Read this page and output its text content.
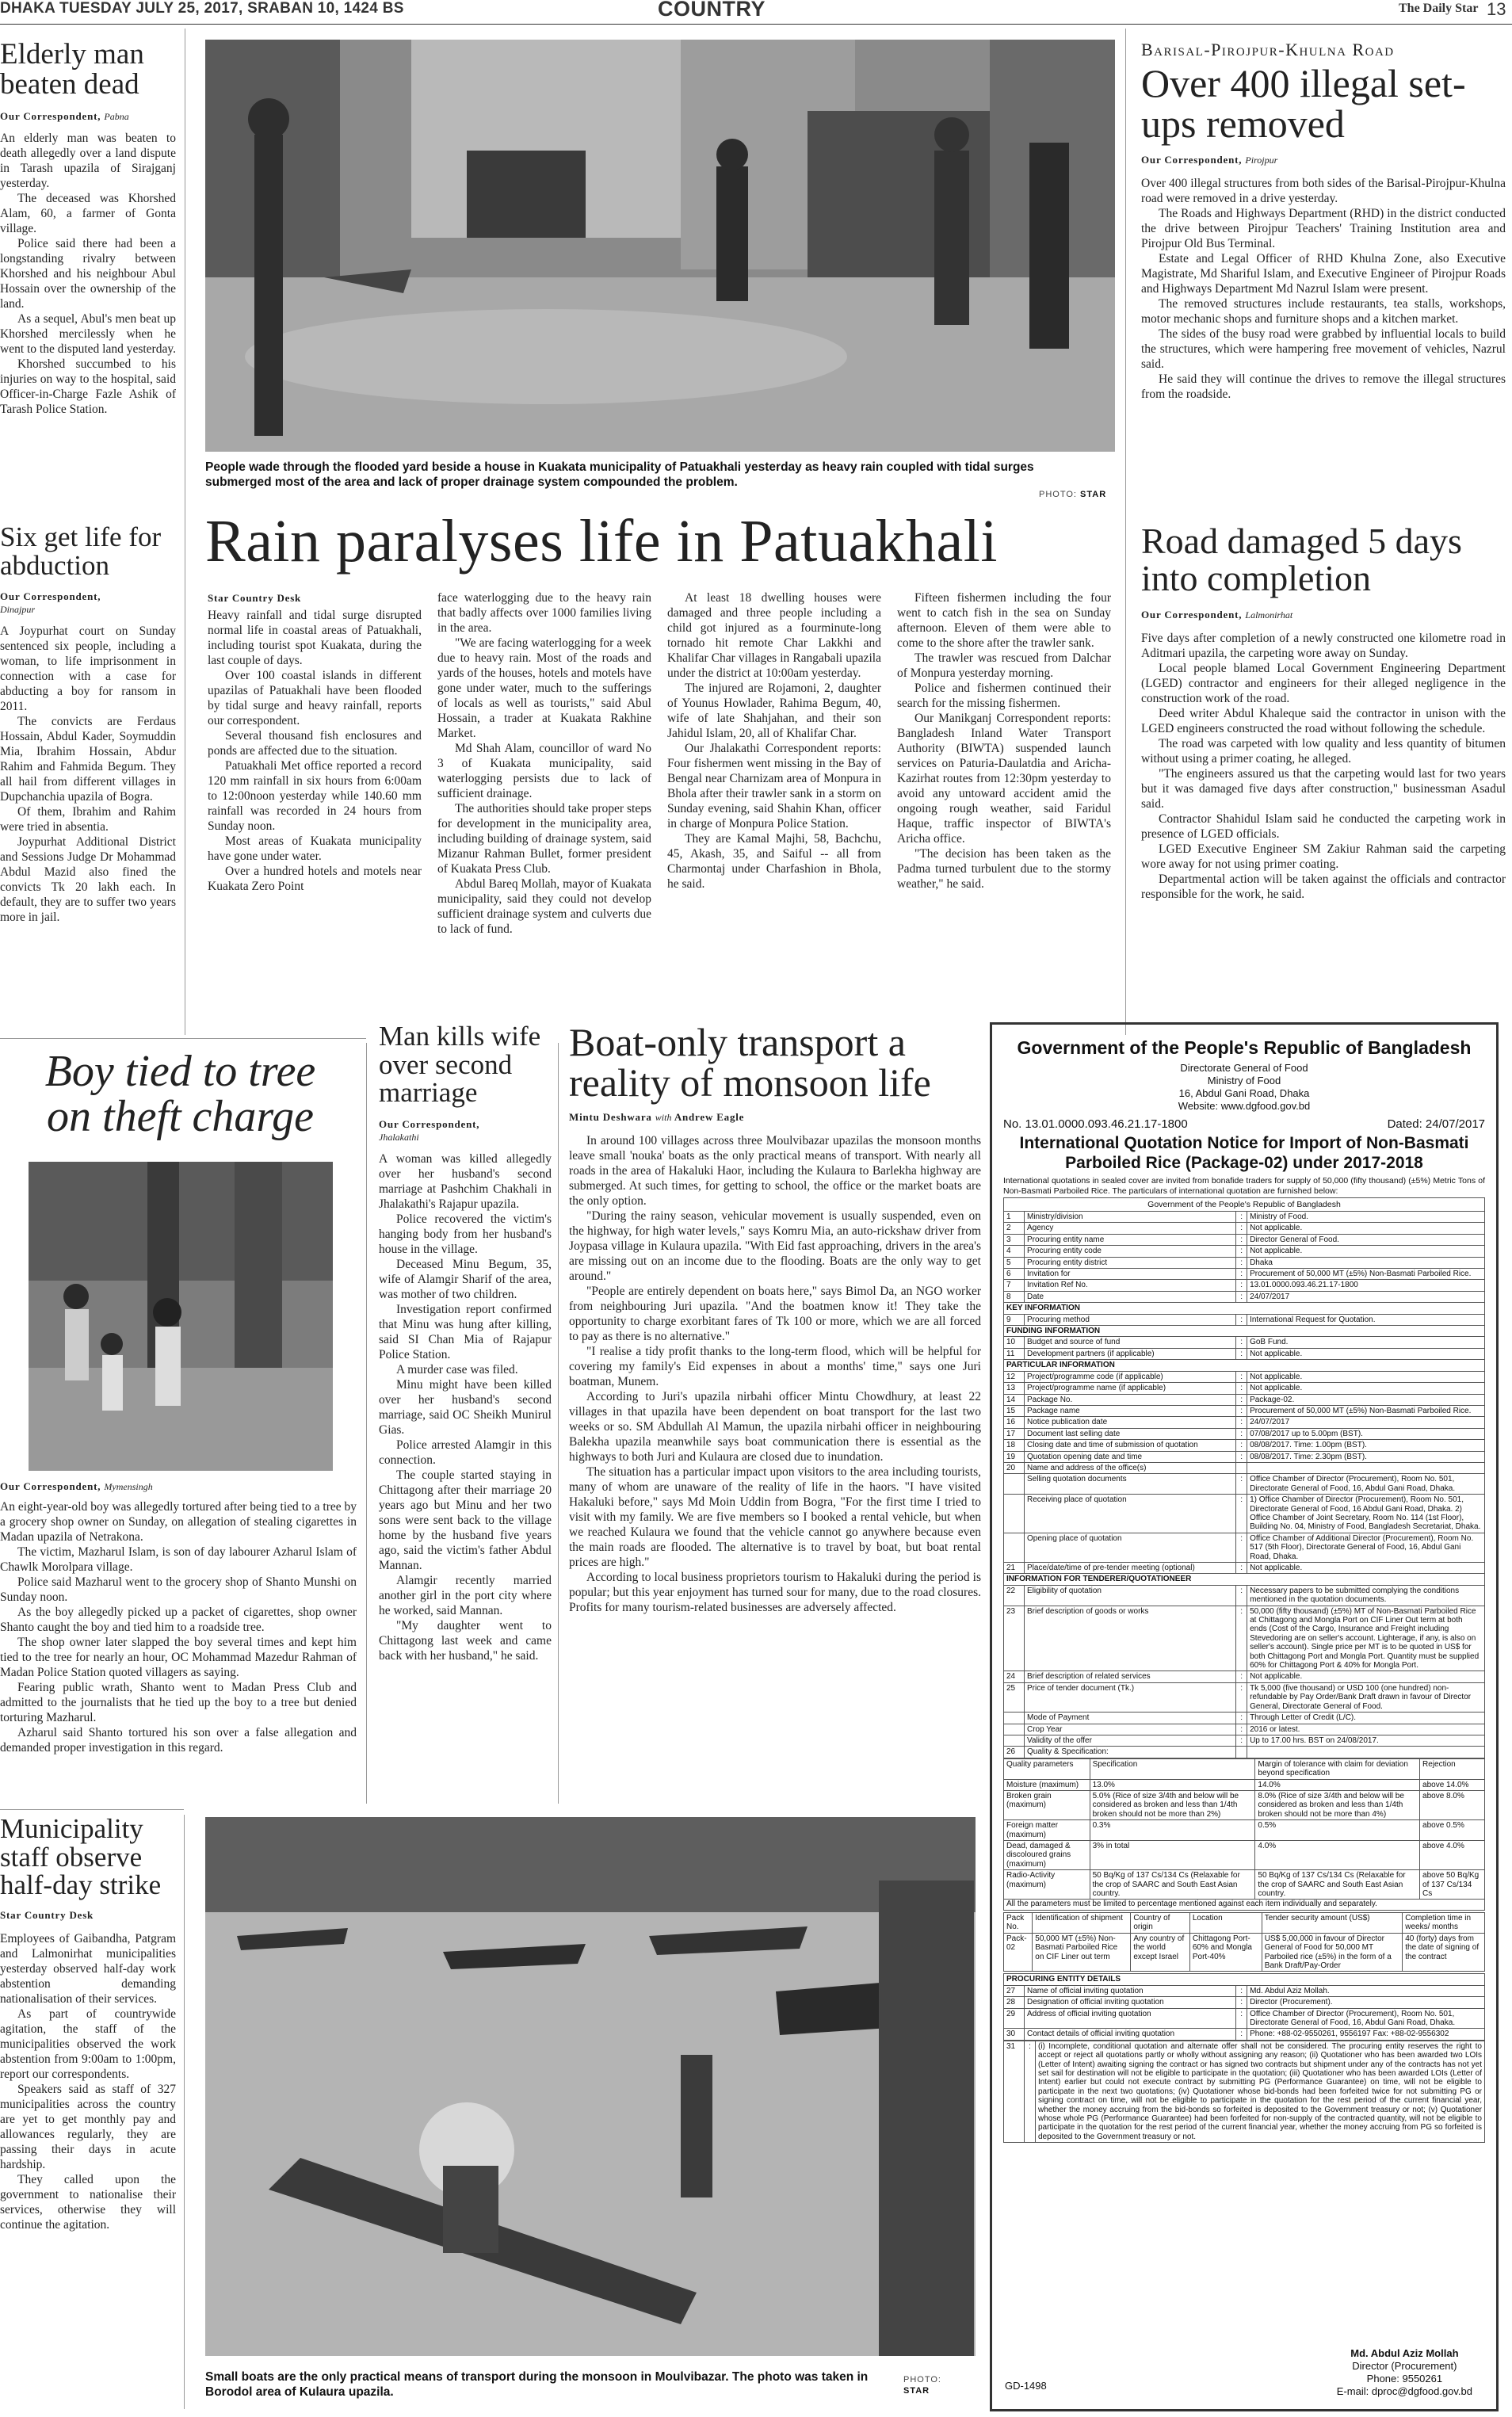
DHAKA TUESDAY JULY 25, 2017, SRABAN 10, 1424 BS	COUNTRY	The Daily Star 13
Elderly man beaten dead
Our Correspondent, Pabna

An elderly man was beaten to death allegedly over a land dispute in Tarash upazila of Sirajganj yesterday.

The deceased was Khorshed Alam, 60, a farmer of Gonta village.

Police said there had been a longstanding rivalry between Khorshed and his neighbour Abul Hossain over the ownership of the land.

As a sequel, Abul's men beat up Khorshed mercilessly when he went to the disputed land yesterday.

Khorshed succumbed to his injuries on way to the hospital, said Officer-in-Charge Fazle Ashik of Tarash Police Station.

Six get life for abduction
Our Correspondent,
Dinajpur

A Joypurhat court on Sunday sentenced six people, including a woman, to life imprisonment in connection with a case for abducting a boy for ransom in 2011.

The convicts are Ferdaus Hossain, Abdul Kader, Soymuddin Mia, Ibrahim Hossain, Abdur Rahim and Fahmida Begum. They all hail from different villages in Dupchanchia upazila of Bogra.

Of them, Ibrahim and Rahim were tried in absentia.

Joypurhat Additional District and Sessions Judge Dr Mohammad Abdul Mazid also fined the convicts Tk 20 lakh each. In default, they are to suffer two years more in jail.

People wade through the flooded yard beside a house in Kuakata municipality of Patuakhali yesterday as heavy rain coupled with tidal surges submerged most of the area and lack of proper drainage system compounded the problem.

PHOTO: STAR
Rain paralyses life in Patuakhali
Star Country Desk

Heavy rainfall and tidal surge disrupted normal life in coastal areas of Patuakhali, including tourist spot Kuakata, during the last couple of days.

Over 100 coastal islands in different upazilas of Patuakhali have been flooded by tidal surge and heavy rainfall, reports our correspondent.

Several thousand fish enclosures and ponds are affected due to the situation.

Patuakhali Met office reported a record 120 mm rainfall in six hours from 6:00am to 12:00noon yesterday while 140.60 mm rainfall was recorded in 24 hours from Sunday noon.

Most areas of Kuakata municipality have gone under water.

Over a hundred hotels and motels near Kuakata Zero Point

face waterlogging due to the heavy rain that badly affects over 1000 families living in the area.

"We are facing waterlogging for a week due to heavy rain. Most of the roads and yards of the houses, hotels and motels have gone under water, much to the sufferings of locals as well as tourists," said Abul Hossain, a trader at Kuakata Rakhine Market.

Md Shah Alam, councillor of ward No 3 of Kuakata municipality, said waterlogging persists due to lack of sufficient drainage.

The authorities should take proper steps for development in the municipality area, including building of drainage system, said Mizanur Rahman Bullet, former president of Kuakata Press Club.

Abdul Bareq Mollah, mayor of Kuakata municipality, said they could not develop sufficient drainage system and culverts due to lack of fund.

At least 18 dwelling houses were damaged and three people including a child got injured as a fourminute-long tornado hit remote Char Lakkhi and Khalifar Char villages in Rangabali upazila under the district at 10:00am yesterday.

The injured are Rojamoni, 2, daughter of Younus Howlader, Rahima Begum, 40, wife of late Shahjahan, and their son Jahidul Islam, 20, all of Khalifar Char.

Our Jhalakathi Correspondent reports: Four fishermen went missing in the Bay of Bengal near Charnizam area of Monpura in Bhola after their trawler sank in a storm on Sunday evening, said Shahin Khan, officer in charge of Monpura Police Station.

They are Kamal Majhi, 58, Bachchu, 45, Akash, 35, and Saiful -- all from Charmontaj under Charfashion in Bhola, he said.

Fifteen fishermen including the four went to catch fish in the sea on Sunday afternoon. Eleven of them were able to come to the shore after the trawler sank.

The trawler was rescued from Dalchar of Monpura yesterday morning.

Police and fishermen continued their search for the missing fishermen.

Our Manikganj Correspondent reports: Bangladesh Inland Water Transport Authority (BIWTA) suspended launch services on Paturia-Daulatdia and Aricha-Kazirhat routes from 12:30pm yesterday to avoid any untoward accident amid the ongoing rough weather, said Faridul Haque, traffic inspector of BIWTA's Aricha office.

"The decision has been taken as the Padma turned turbulent due to the stormy weather," he said.

Barisal-Pirojpur-Khulna Road
Over 400 illegal set-ups removed
Our Correspondent, Pirojpur

Over 400 illegal structures from both sides of the Barisal-Pirojpur-Khulna road were removed in a drive yesterday.

The Roads and Highways Department (RHD) in the district conducted the drive between Pirojpur Teachers' Training Institution area and Pirojpur Old Bus Terminal.

Estate and Legal Officer of RHD Khulna Zone, also Executive Magistrate, Md Shariful Islam, and Executive Engineer of Pirojpur Roads and Highways Department Md Nazrul Islam were present.

The removed structures include restaurants, tea stalls, workshops, motor mechanic shops and furniture shops and a kitchen market.

The sides of the busy road were grabbed by influential locals to build the structures, which were hampering free movement of vehicles, Nazrul said.

He said they will continue the drives to remove the illegal structures from the roadside.

Road damaged 5 days into completion
Our Correspondent, Lalmonirhat

Five days after completion of a newly constructed one kilometre road in Aditmari upazila, the carpeting wore away on Sunday.

Local people blamed Local Government Engineering Department (LGED) contractor and engineers for their alleged negligence in the construction work of the road.

Deed writer Abdul Khaleque said the contractor in unison with the LGED engineers constructed the road without following the schedule.

The road was carpeted with low quality and less quantity of bitumen without using a primer coating, he alleged.

"The engineers assured us that the carpeting would last for two years but it was damaged five days after construction," businessman Asadul said.

Contractor Shahidul Islam said he conducted the carpeting work in presence of LGED officials.

LGED Executive Engineer SM Zakiur Rahman said the carpeting wore away for not using primer coating.

Departmental action will be taken against the officials and contractor responsible for the work, he said.

Boy tied to tree on theft charge
Our Correspondent, Mymensingh

An eight-year-old boy was allegedly tortured after being tied to a tree by a grocery shop owner on Sunday, on allegation of stealing cigarettes in Madan upazila of Netrakona.

The victim, Mazharul Islam, is son of day labourer Azharul Islam of Chawlk Morolpara village.

Police said Mazharul went to the grocery shop of Shanto Munshi on Sunday noon.

As the boy allegedly picked up a packet of cigarettes, shop owner Shanto caught the boy and tied him to a roadside tree.

The shop owner later slapped the boy several times and kept him tied to the tree for nearly an hour, OC Mohammad Mazedur Rahman of Madan Police Station quoted villagers as saying.

Fearing public wrath, Shanto went to Madan Press Club and admitted to the journalists that he tied up the boy to a tree but denied torturing Mazharul.

Azharul said Shanto tortured his son over a false allegation and demanded proper investigation in this regard.

Man kills wife over second marriage
Our Correspondent,
Jhalakathi

A woman was killed allegedly over her husband's second marriage at Pashchim Chakhali in Jhalakathi's Rajapur upazila.

Police recovered the victim's hanging body from her husband's house in the village.

Deceased Minu Begum, 35, wife of Alamgir Sharif of the area, was mother of two children.

Investigation report confirmed that Minu was hung after killing, said SI Chan Mia of Rajapur Police Station.

A murder case was filed.

Minu might have been killed over her husband's second marriage, said OC Sheikh Munirul Gias.

Police arrested Alamgir in this connection.

The couple started staying in Chittagong after their marriage 20 years ago but Minu and her two sons were sent back to the village home by the husband five years ago, said the victim's father Abdul Mannan.

Alamgir recently married another girl in the port city where he worked, said Mannan.

"My daughter went to Chittagong last week and came back with her husband," he said.

Boat-only transport a reality of monsoon life
Mintu Deshwara with Andrew Eagle

In around 100 villages across three Moulvibazar upazilas the monsoon months leave small 'nouka' boats as the only practical means of transport. With nearly all roads in the area of Hakaluki Haor, including the Kulaura to Barlekha highway are submerged. At such times, for getting to school, the office or the market boats are the only option.

"During the rainy season, vehicular movement is usually suspended, even on the highway, for high water levels," says Komru Mia, an auto-rickshaw driver from Joypasa village in Kulaura upazila. "With Eid fast approaching, drivers in the area's are missing out on an income due to the flooding. Boats are the only way to get around."

"People are entirely dependent on boats here," says Bimol Da, an NGO worker from neighbouring Juri upazila. "And the boatmen know it! They take the opportunity to charge exorbitant fares of Tk 100 or more, which we are all forced to pay as there is no alternative."

"I realise a tidy profit thanks to the long-term flood, which will be helpful for covering my family's Eid expenses in about a months' time," says one Juri boatman, Munem.

According to Juri's upazila nirbahi officer Mintu Chowdhury, at least 22 villages in that upazila have been dependent on boat transport for the last two weeks or so. SM Abdullah Al Mamun, the upazila nirbahi officer in neighbouring Balekha upazila meanwhile says boat communication there is essential as the highways to both Juri and Kulaura are closed due to inundation.

The situation has a particular impact upon visitors to the area including tourists, many of whom are unaware of the reality of life in the haors. "I have visited Hakaluki before," says Md Moin Uddin from Bogra, "For the first time I tried to visit with my family. We are five members so I booked a rental vehicle, but when we reached Kulaura we found that the vehicle cannot go anywhere because even the main roads are flooded. The alternative is to travel by boat, but boat rental prices are high."

According to local business proprietors tourism to Hakaluki during the period is popular; but this year enjoyment has turned sour for many, due to the road closures. Profits for many tourism-related businesses are adversely affected.

Municipality staff observe half-day strike
Star Country Desk

Employees of Gaibandha, Patgram and Lalmonirhat municipalities yesterday observed half-day work abstention demanding nationalisation of their services.

As part of countrywide agitation, the staff of the municipalities observed the work abstention from 9:00am to 1:00pm, report our correspondents.

Speakers said as staff of 327 municipalities across the country are yet to get monthly pay and allowances regularly, they are passing their days in acute hardship.

They called upon the government to nationalise their services, otherwise they will continue the agitation.

Small boats are the only practical means of transport during the monsoon in Moulvibazar. The photo was taken in Borodol area of Kulaura upazila.

PHOTO:
STAR
Government of the People's Republic of Bangladesh
Directorate General of Food
Ministry of Food
16, Abdul Gani Road, Dhaka
Website: www.dgfood.gov.bd
No. 13.01.0000.093.46.21.17-1800	Dated: 24/07/2017
International Quotation Notice for Import of Non-Basmati Parboiled Rice (Package-02) under 2017-2018
International quotations in sealed cover are invited from bonafide traders for supply of 50,000 (fifty thousand) (±5%) Metric Tons of Non-Basmati Parboiled Rice. The particulars of international quotation are furnished below:
Government of the People's Republic of Bangladesh
1	Ministry/division	:	Ministry of Food.
2	Agency	:	Not applicable.
3	Procuring entity name	:	Director General of Food.
4	Procuring entity code	:	Not applicable.
5	Procuring entity district	:	Dhaka
6	Invitation for	:	Procurement of 50,000 MT (±5%) Non-Basmati Parboiled Rice.
7	Invitation Ref No.	:	13.01.0000.093.46.21.17-1800
8	Date	:	24/07/2017
KEY INFORMATION			
9	Procuring method	:	International Request for Quotation.
FUNDING INFORMATION			
10	Budget and source of fund	:	GoB Fund.
11	Development partners (if applicable)	:	Not applicable.
PARTICULAR INFORMATION			
12	Project/programme code (if applicable)	:	Not applicable.
13	Project/programme name (if applicable)	:	Not applicable.
14	Package No.	:	Package-02.
15	Package name	:	Procurement of 50,000 MT (±5%) Non-Basmati Parboiled Rice.
16	Notice publication date	:	24/07/2017
17	Document last selling date	:	07/08/2017 up to 5.00pm (BST).
18	Closing date and time of submission of quotation	:	08/08/2017. Time: 1.00pm (BST).
19	Quotation opening date and time	:	08/08/2017. Time: 2.30pm (BST).
20	Name and address of the office(s)		
	Selling quotation documents	:	Office Chamber of Director (Procurement), Room No. 501, Directorate General of Food, 16, Abdul Gani Road, Dhaka.
	Receiving place of quotation	:	1) Office Chamber of Director (Procurement), Room No. 501, Directorate General of Food, 16 Abdul Gani Road, Dhaka. 2) Office Chamber of Joint Secretary, Room No. 114 (1st Floor), Building No. 04, Ministry of Food, Bangladesh Secretariat, Dhaka.
	Opening place of quotation	:	Office Chamber of Additional Director (Procurement), Room No. 517 (5th Floor), Directorate General of Food, 16, Abdul Gani Road, Dhaka.
21	Place/date/time of pre-tender meeting (optional)	:	Not applicable.
INFORMATION FOR TENDERER/QUOTATIONEER			
22	Eligibility of quotation	:	Necessary papers to be submitted complying the conditions mentioned in the quotation documents.
23	Brief description of goods or works	:	50,000 (fifty thousand) (±5%) MT of Non-Basmati Parboiled Rice at Chittagong and Mongla Port on CIF Liner Out term at both ends (Cost of the Cargo, Insurance and Freight including Stevedoring are on seller's account. Lighterage, if any, is also on seller's account). Single price per MT is to be quoted in US$ for both Chittagong Port and Mongla Port. Quantity must be supplied 60% for Chittagong Port & 40% for Mongla Port.
24	Brief description of related services	:	Not applicable.
25	Price of tender document (Tk.)	:	Tk 5,000 (five thousand) or USD 100 (one hundred) non-refundable by Pay Order/Bank Draft drawn in favour of Director General, Directorate General of Food.
	Mode of Payment	:	Through Letter of Credit (L/C).
	Crop Year	:	2016 or latest.
	Validity of the offer	:	Up to 17.00 hrs. BST on 24/08/2017.
26	Quality & Specification:		
Quality parameters	Specification	Margin of tolerance with claim for deviation beyond specification	Rejection
Moisture (maximum)	13.0%	14.0%	above 14.0%
Broken grain (maximum)	5.0% (Rice of size 3/4th and below will be considered as broken and less than 1/4th broken should not be more than 2%)	8.0% (Rice of size 3/4th and below will be considered as broken and less than 1/4th broken should not be more than 4%)	above 8.0%
Foreign matter (maximum)	0.3%	0.5%	above 0.5%
Dead, damaged & discoloured grains (maximum)	3% in total	4.0%	above 4.0%
Radio-Activity (maximum)	50 Bq/Kg of 137 Cs/134 Cs (Relaxable for the crop of SAARC and South East Asian country.	50 Bq/Kg of 137 Cs/134 Cs (Relaxable for the crop of SAARC and South East Asian country.	above 50 Bq/Kg of 137 Cs/134 Cs
All the parameters must be limited to percentage mentioned against each item individually and separately.
Pack No.	Identification of shipment	Country of origin	Location	Tender security amount (US$)	Completion time in weeks/ months
Pack-02	50,000 MT (±5%) Non-Basmati Parboiled Rice on CIF Liner out term	Any country of the world except Israel	Chittagong Port-60% and Mongla Port-40%	US$ 5,00,000 in favour of Director General of Food for 50,000 MT Parboiled rice (±5%) in the form of a Bank Draft/Pay-Order	40 (forty) days from the date of signing of the contract
PROCURING ENTITY DETAILS			
27	Name of official inviting quotation	:	Md. Abdul Aziz Mollah.
28	Designation of official inviting quotation	:	Director (Procurement).
29	Address of official inviting quotation	:	Office Chamber of Director (Procurement), Room No. 501, Directorate General of Food, 16, Abdul Gani Road, Dhaka.
30	Contact details of official inviting quotation	:	Phone: +88-02-9550261, 9556197 Fax: +88-02-9556302
31	:	(i) Incomplete, conditional quotation and alternate offer shall not be considered. The procuring entity reserves the right to accept or reject all quotations partly or wholly without assigning any reason; (ii) Quotationer who has been awarded two LOIs (Letter of Intent) awaiting signing the contract or has signed two contracts but shipment under any of the contracts has not yet set sail for destination will not be eligible to participate in the quotation; (iii) Quotationer who has been awarded LOIs (Letter of Intent) earlier but could not execute contract by submitting PG (Performance Guarantee) on time, will not be eligible to participate in the next two quotations; (iv) Quotationer whose bid-bonds had been forfeited twice for not submitting PG or signing contract on time, will not be eligible to participate in the quotation for the rest period of the current financial year, whether the money accruing from the bid-bonds so forfeited is deposited to the Government treasury or not; (v) Quotationer whose whole PG (Performance Guarantee) had been forfeited for non-supply of the contracted quantity, will not be eligible to participate in the quotation for the rest period of the current financial year, whether the money accruing from PG so forfeited is deposited to the Government treasury or not.
GD-1498
Md. Abdul Aziz Mollah
Director (Procurement)
Phone: 9550261
E-mail: dproc@dgfood.gov.bd
